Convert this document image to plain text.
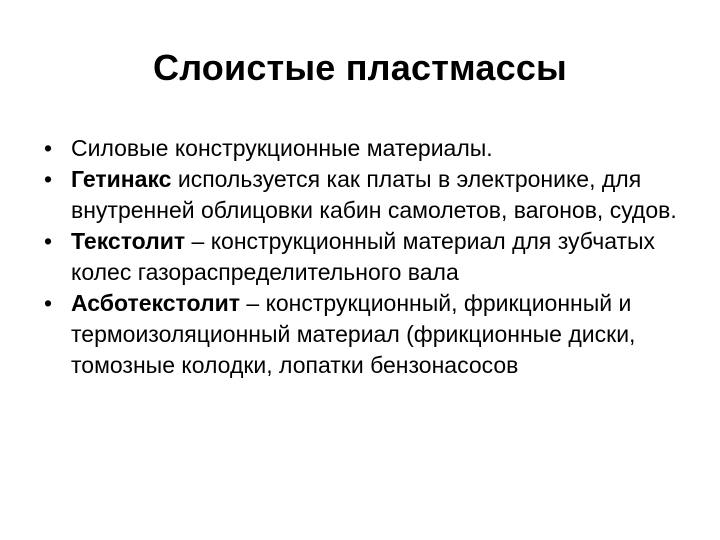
Слоистые пластмассы
• Силовые конструкционные материалы.
• Гетинакс используется как платы в электронике, для внутренней облицовки кабин самолетов, вагонов, судов.
• Текстолит – конструкционный материал для зубчатых колес газораспределительного вала
• Асботекстолит – конструкционный, фрикционный и термоизоляционный материал (фрикционные диски, томозные колодки, лопатки бензонасосов
